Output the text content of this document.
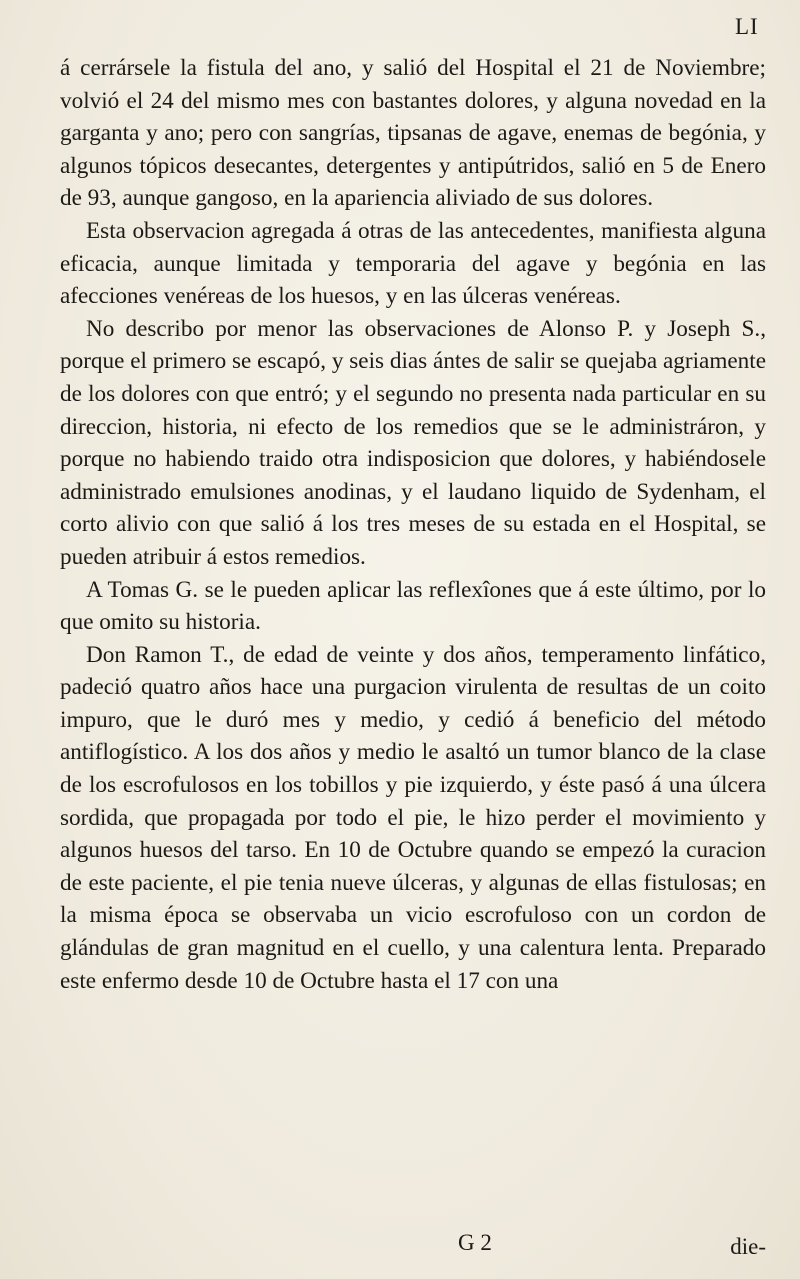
LI

á cerrársele la fistula del ano, y salió del Hospital el 21 de Noviembre; volvió el 24 del mismo mes con bastantes dolores, y alguna novedad en la garganta y ano; pero con sangrías, tipsanas de agave, enemas de begónia, y algunos tópicos desecantes, detergentes y antipútridos, salió en 5 de Enero de 93, aunque gangoso, en la apariencia aliviado de sus dolores.

Esta observacion agregada á otras de las antecedentes, manifiesta alguna eficacia, aunque limitada y temporaria del agave y begónia en las afecciones venéreas de los huesos, y en las úlceras venéreas.

No describo por menor las observaciones de Alonso P. y Joseph S., porque el primero se escapó, y seis dias ántes de salir se quejaba agriamente de los dolores con que entró; y el segundo no presenta nada particular en su direccion, historia, ni efecto de los remedios que se le administráron, y porque no habiendo traido otra indisposicion que dolores, y habiéndosele administrado emulsiones anodinas, y el laudano liquido de Sydenham, el corto alivio con que salió á los tres meses de su estada en el Hospital, se pueden atribuir á estos remedios.

A Tomas G. se le pueden aplicar las reflexîones que á este último, por lo que omito su historia.

Don Ramon T., de edad de veinte y dos años, temperamento linfático, padeció quatro años hace una purgacion virulenta de resultas de un coito impuro, que le duró mes y medio, y cedió á beneficio del método antiflogístico. A los dos años y medio le asaltó un tumor blanco de la clase de los escrofulosos en los tobillos y pie izquierdo, y éste pasó á una úlcera sordida, que propagada por todo el pie, le hizo perder el movimiento y algunos huesos del tarso. En 10 de Octubre quando se empezó la curacion de este paciente, el pie tenia nueve úlceras, y algunas de ellas fistulosas; en la misma época se observaba un vicio escrofuloso con un cordon de glándulas de gran magnitud en el cuello, y una calentura lenta. Preparado este enfermo desde 10 de Octubre hasta el 17 con una

G 2	die-
